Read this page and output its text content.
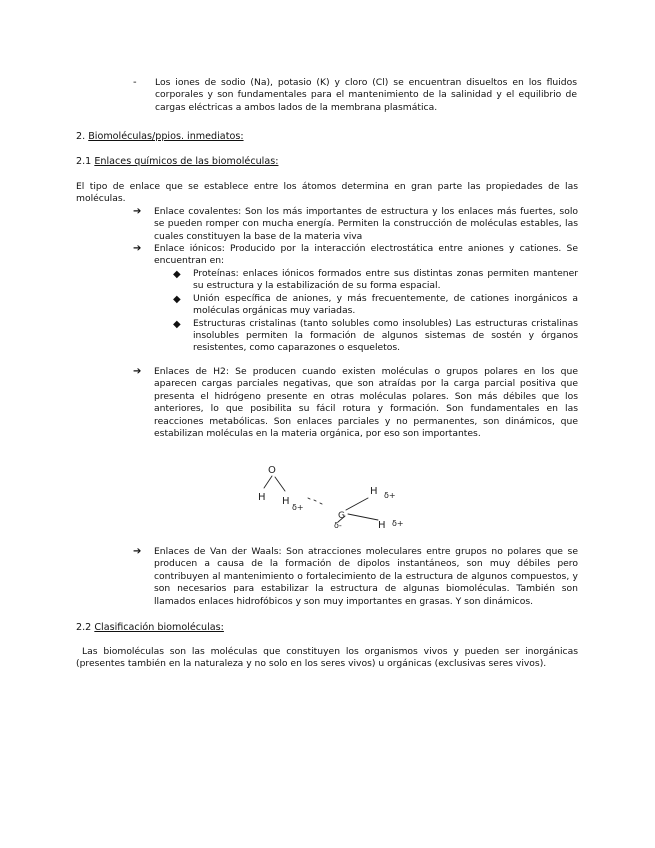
- Los iones de sodio (Na), potasio (K) y cloro (Cl) se encuentran disueltos en los fluidos corporales y son fundamentales para el mantenimiento de la salinidad y el equilibrio de cargas eléctricas a ambos lados de la membrana plasmática.
2. Biomoléculas/ppios. inmediatos:
2.1 Enlaces químicos de las biomoléculas:
El tipo de enlace que se establece entre los átomos determina en gran parte las propiedades de las moléculas.
➔ Enlace covalentes: Son los más importantes de estructura y los enlaces más fuertes, solo se pueden romper con mucha energía. Permiten la construcción de moléculas estables, las cuales constituyen la base de la materia viva
➔ Enlace iónicos: Producido por la interacción electrostática entre aniones y cationes. Se encuentran en:
◆ Proteínas: enlaces iónicos formados entre sus distintas zonas permiten mantener su estructura y la estabilización de su forma espacial.
◆ Unión específica de aniones, y más frecuentemente, de cationes inorgánicos a moléculas orgánicas muy variadas.
◆ Estructuras cristalinas (tanto solubles como insolubles) Las estructuras cristalinas insolubles permiten la formación de algunos sistemas de sostén y órganos resistentes, como caparazones o esqueletos.
➔ Enlaces de H2: Se producen cuando existen moléculas o grupos polares en los que aparecen cargas parciales negativas, que son atraídas por la carga parcial positiva que presenta el hidrógeno presente en otras moléculas polares. Son más débiles que los anteriores, lo que posibilita su fácil rotura y formación. Son fundamentales en las reacciones metabólicas. Son enlaces parciales y no permanentes, son dinámicos, que estabilizan moléculas en la materia orgánica, por eso son importantes.
O
H H
δ+
δ-
G
H δ+
H δ+
➔ Enlaces de Van der Waals: Son atracciones moleculares entre grupos no polares que se producen a causa de la formación de dipolos instantáneos, son muy débiles pero contribuyen al mantenimiento o fortalecimiento de la estructura de algunos compuestos, y son necesarios para estabilizar la estructura de algunas biomoléculas. También son llamados enlaces hidrofóbicos y son muy importantes en grasas. Y son dinámicos.
2.2 Clasificación biomoléculas:
Las biomoléculas son las moléculas que constituyen los organismos vivos y pueden ser inorgánicas (presentes también en la naturaleza y no solo en los seres vivos) u orgánicas (exclusivas seres vivos).
